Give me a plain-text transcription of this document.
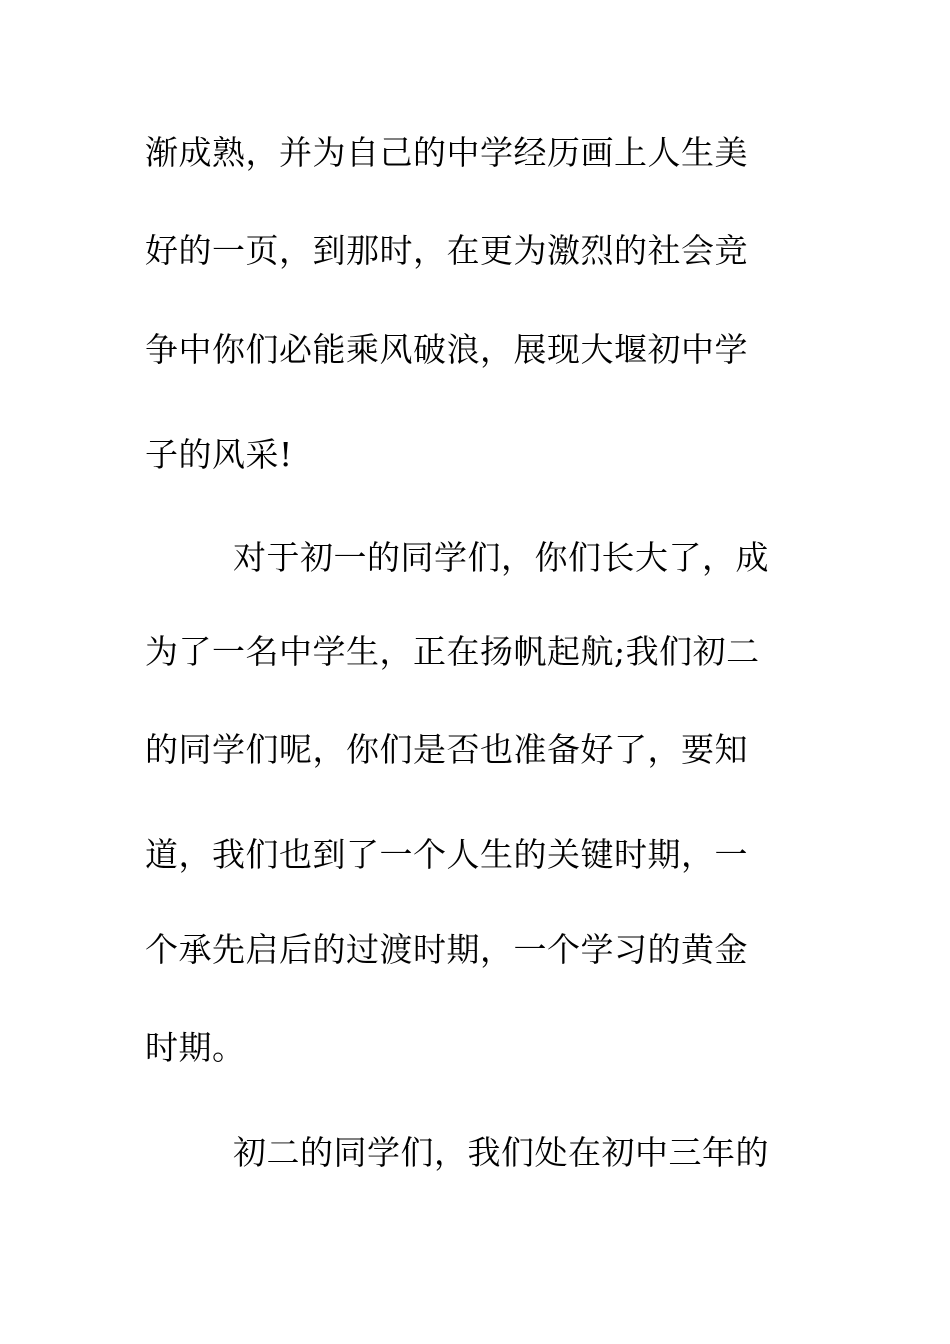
渐成熟，并为自己的中学经历画上人生美
好的一页，到那时，在更为激烈的社会竞
争中你们必能乘风破浪，展现大堰初中学
子的风采!
对于初一的同学们，你们长大了，成
为了一名中学生，正在扬帆起航;我们初二
的同学们呢，你们是否也准备好了，要知
道，我们也到了一个人生的关键时期，一
个承先启后的过渡时期，一个学习的黄金
时期。
初二的同学们，我们处在初中三年的
